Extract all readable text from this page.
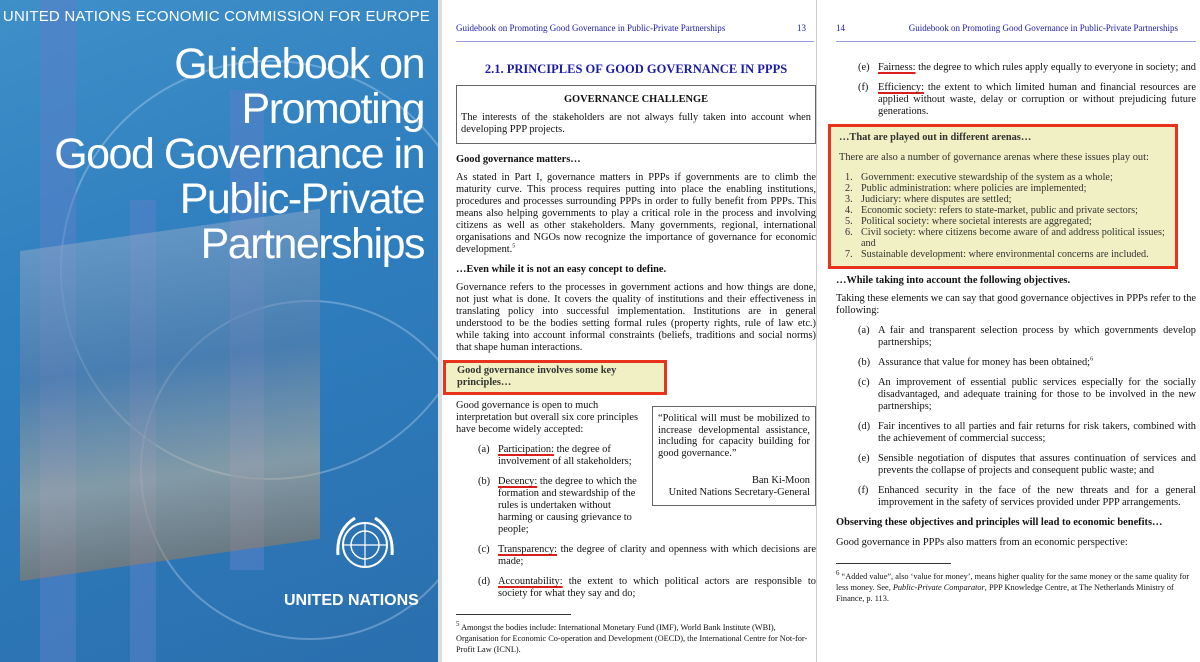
UNITED NATIONS ECONOMIC COMMISSION FOR EUROPE
Guidebook on Promoting
Good Governance in
Public-Private
Partnerships
UNITED NATIONS
Guidebook on Promoting Good Governance in Public-Private Partnerships	13
2.1. PRINCIPLES OF GOOD GOVERNANCE IN PPPS
GOVERNANCE CHALLENGE
The interests of the stakeholders are not always fully taken into account when developing PPP projects.
Good governance matters…
As stated in Part I, governance matters in PPPs if governments are to climb the maturity curve. This process requires putting into place the enabling institutions, procedures and processes surrounding PPPs in order to fully benefit from PPPs. This means also helping governments to play a critical role in the process and involving citizens as well as other stakeholders. Many governments, regional, international organisations and NGOs now recognize the importance of governance for economic development.$^5$
…Even while it is not an easy concept to define.
Governance refers to the processes in government actions and how things are done, not just what is done. It covers the quality of institutions and their effectiveness in translating policy into successful implementation. Institutions are in general understood to be the bodies setting formal rules (property rights, rule of law etc.) while taking into account informal constraints (beliefs, traditions and social norms) that shape human interactions.
Good governance involves some key principles…
Good governance is open to much interpretation but overall six core principles have become widely accepted:
(a) Participation: the degree of involvement of all stakeholders;
(b) Decency: the degree to which the formation and stewardship of the rules is undertaken without harming or causing grievance to people;
“Political will must be mobilized to increase developmental assistance, including for capacity building for good governance.”
Ban Ki-Moon
United Nations Secretary-General
(c) Transparency: the degree of clarity and openness with which decisions are made;
(d) Accountability: the extent to which political actors are responsible to society for what they say and do;
$^5$ Amongst the bodies include: International Monetary Fund (IMF), World Bank Institute (WBI), Organisation for Economic Co-operation and Development (OECD), the International Centre for Not-for-Profit Law (ICNL).
14	Guidebook on Promoting Good Governance in Public-Private Partnerships
(e) Fairness: the degree to which rules apply equally to everyone in society; and
(f) Efficiency: the extent to which limited human and financial resources are applied without waste, delay or corruption or without prejudicing future generations.
…That are played out in different arenas…
There are also a number of governance arenas where these issues play out:
1. Government: executive stewardship of the system as a whole;
2. Public administration: where policies are implemented;
3. Judiciary: where disputes are settled;
4. Economic society: refers to state-market, public and private sectors;
5. Political society: where societal interests are aggregated;
6. Civil society: where citizens become aware of and address political issues; and
7. Sustainable development: where environmental concerns are included.
…While taking into account the following objectives.
Taking these elements we can say that good governance objectives in PPPs refer to the following:
(a) A fair and transparent selection process by which governments develop partnerships;
(b) Assurance that value for money has been obtained;$^6$
(c) An improvement of essential public services especially for the socially disadvantaged, and adequate training for those to be involved in the new partnerships;
(d) Fair incentives to all parties and fair returns for risk takers, combined with the achievement of commercial success;
(e) Sensible negotiation of disputes that assures continuation of services and prevents the collapse of projects and consequent public waste; and
(f) Enhanced security in the face of the new threats and for a general improvement in the safety of services provided under PPP arrangements.
Observing these objectives and principles will lead to economic benefits…
Good governance in PPPs also matters from an economic perspective:
$^6$ “Added value”, also ‘value for money’, means higher quality for the same money or the same quality for less money. See, Public-Private Comparator, PPP Knowledge Centre, at The Netherlands Ministry of Finance, p. 113.
